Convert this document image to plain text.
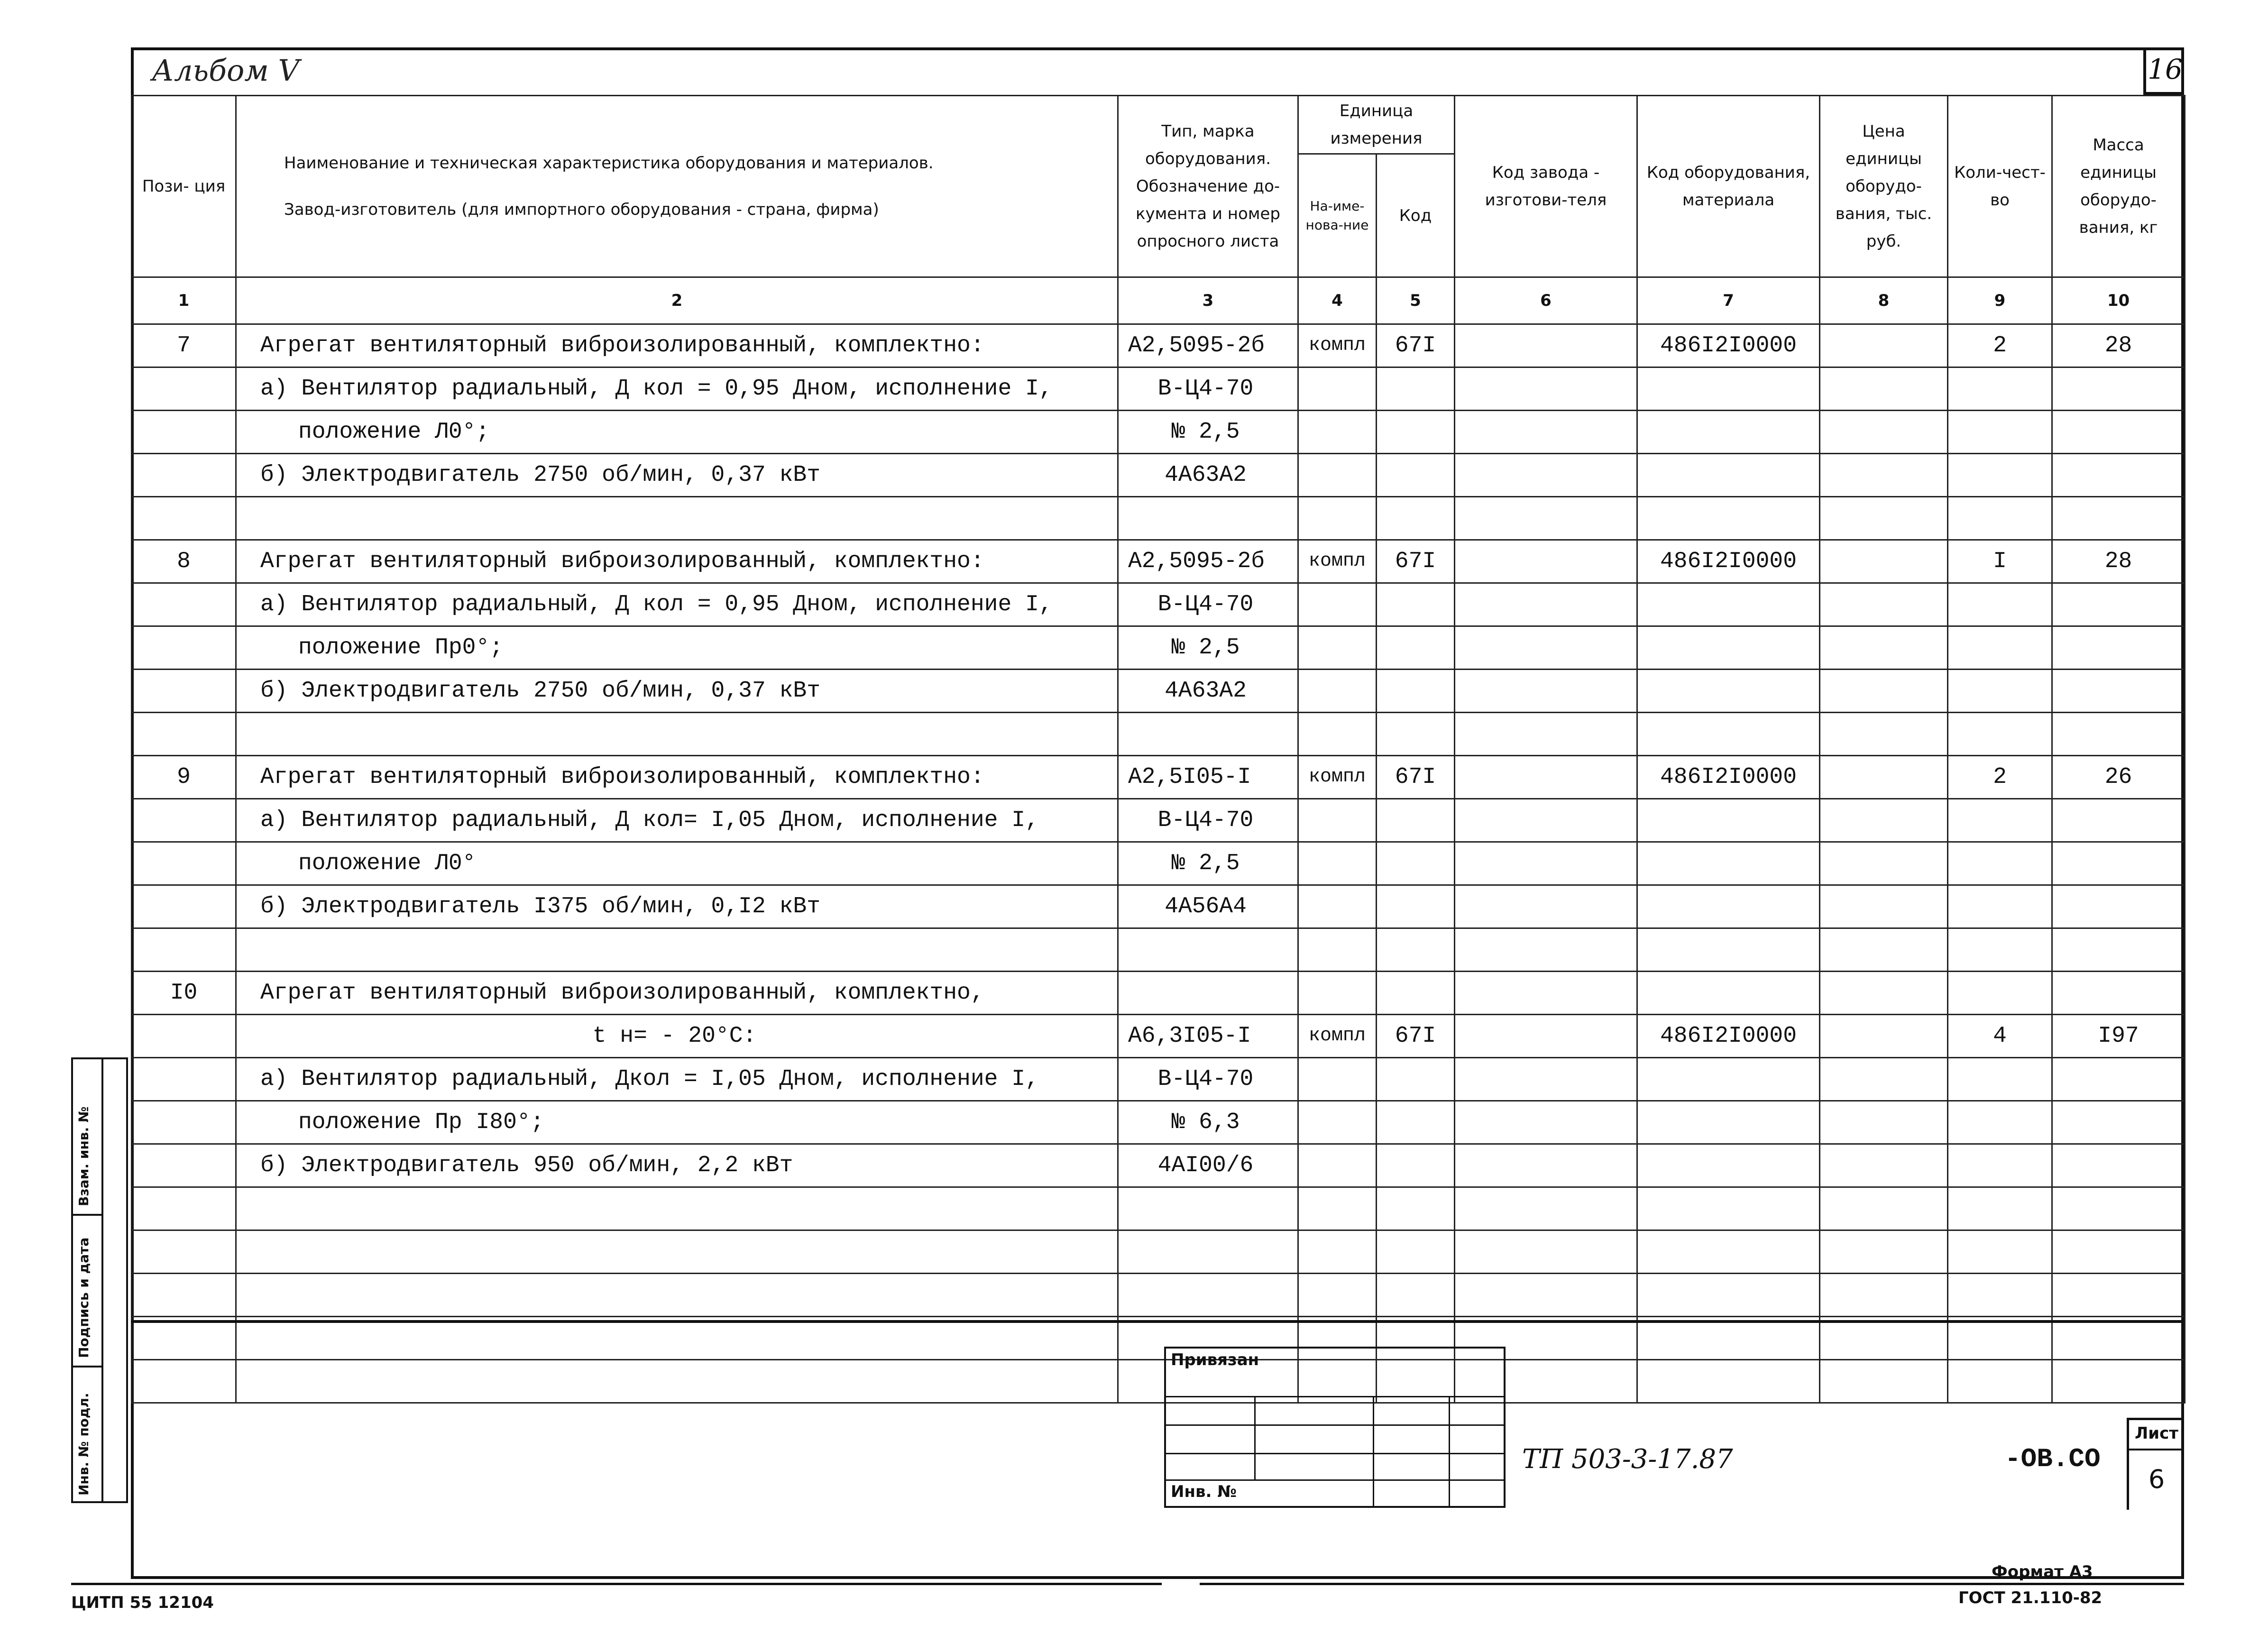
Альбом V	16
Пози- ция	Наименование и техническая характеристика оборудования и материалов.
Завод-изготовитель (для импортного оборудования - страна, фирма)	Тип, марка оборудования. Обозначение до-кумента и номер опросного листа	Единица измерения		Код завода - изготови-теля	Код оборудования, материала	Цена единицы оборудо-вания, тыс. руб.	Коли-чест-во	Масса единицы оборудо-вания, кг
			На-име-нова-ние	Код					
1	2	3	4	5	6	7	8	9	10
7	Агрегат вентиляторный виброизолированный, комплектно:	А2,5095-2б	компл	67I		486I2I0000		2	28
	а) Вентилятор радиальный, Д кол = 0,95 Дном, исполнение I,	В-Ц4-70							
	положение Л0°;	№ 2,5							
	б) Электродвигатель 2750 об/мин, 0,37 кВт	4А63А2							

8	Агрегат вентиляторный виброизолированный, комплектно:	А2,5095-2б	компл	67I		486I2I0000		I	28
	а) Вентилятор радиальный, Д кол = 0,95 Дном, исполнение I,	В-Ц4-70							
	положение Пр0°;	№ 2,5							
	б) Электродвигатель 2750 об/мин, 0,37 кВт	4А63А2							

9	Агрегат вентиляторный виброизолированный, комплектно:	А2,5I05-I	компл	67I		486I2I0000		2	26
	а) Вентилятор радиальный, Д кол= I,05 Дном, исполнение I,	В-Ц4-70							
	положение Л0°	№ 2,5							
	б) Электродвигатель I375 об/мин, 0,I2 кВт	4А56А4							

I0	Агрегат вентиляторный виброизолированный, комплектно,								
	t н= - 20°C:	А6,3I05-I	компл	67I		486I2I0000		4	I97
	а) Вентилятор радиальный, Дкол = I,05 Дном, исполнение I,	В-Ц4-70							
	положение Пр I80°;	№ 6,3							
	б) Электродвигатель 950 об/мин, 2,2 кВт	4АI00/6							

Привязан
Инв. №
ТП 503-3-17.87	-ОВ.СО
Лист
6
Взам. инв. №
Подпись и дата
Инв. № подл.
ЦИТП 55 12104
Формат А3
ГОСТ 21.110-82
